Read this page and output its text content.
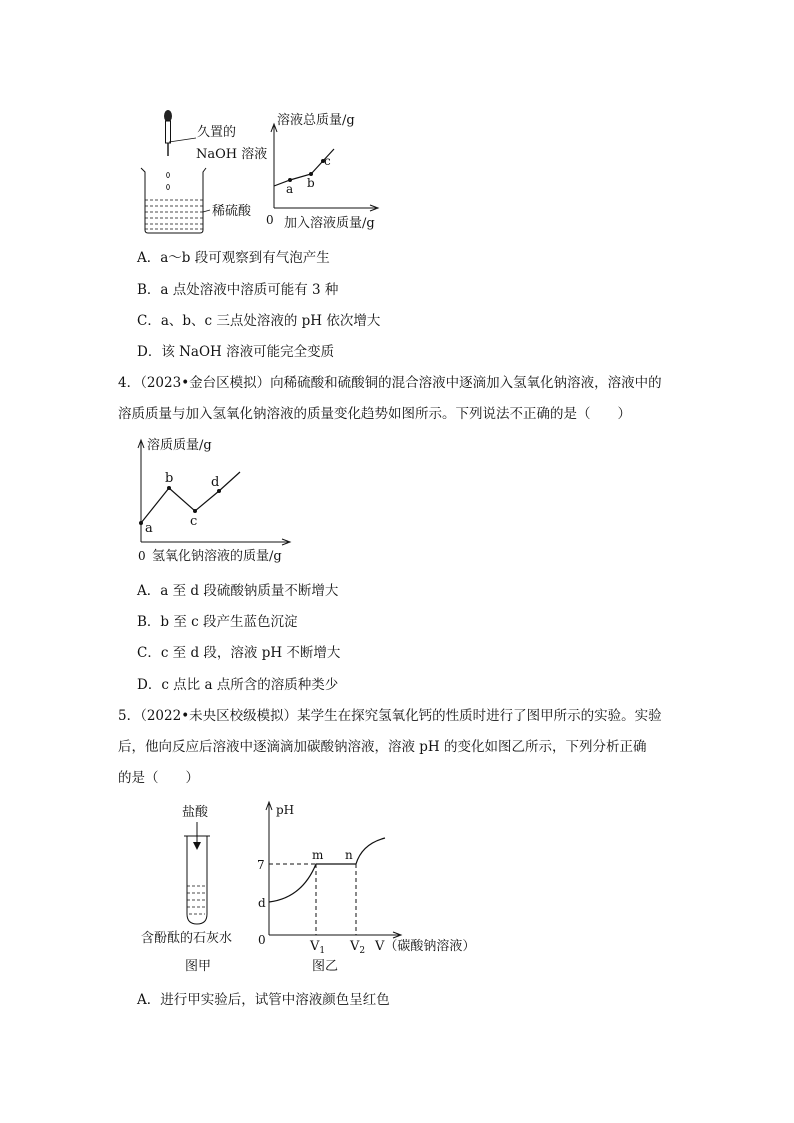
久置的
NaOH 溶液
稀硫酸
a b
c
溶液总质量/g
0 加入溶液质量/g
A．a～b 段可观察到有气泡产生
B．a 点处溶液中溶质可能有 3 种
C．a、b、c 三点处溶液的 pH 依次增大
D．该 NaOH 溶液可能完全变质
4．（2023•金台区模拟）向稀硫酸和硫酸铜的混合溶液中逐滴加入氢氧化钠溶液，溶液中的
溶质质量与加入氢氧化钠溶液的质量变化趋势如图所示。下列说法不正确的是（　　）
a
b
c
d
溶质质量/g
0 氢氧化钠溶液的质量/g
A．a 至 d 段硫酸钠质量不断增大
B．b 至 c 段产生蓝色沉淀
C．c 至 d 段，溶液 pH 不断增大
D．c 点比 a 点所含的溶质种类少
5．（2022•未央区校级模拟）某学生在探究氢氧化钙的性质时进行了图甲所示的实验。实验
后，他向反应后溶液中逐滴滴加碳酸钠溶液，溶液 pH 的变化如图乙所示，下列分析正确
的是（　　）
盐酸
含酚酞的石灰水
图甲
pH
7
d
0
m n
$V_1$ $V_2$ V（碳酸钠溶液）
图乙
A．进行甲实验后，试管中溶液颜色呈红色
